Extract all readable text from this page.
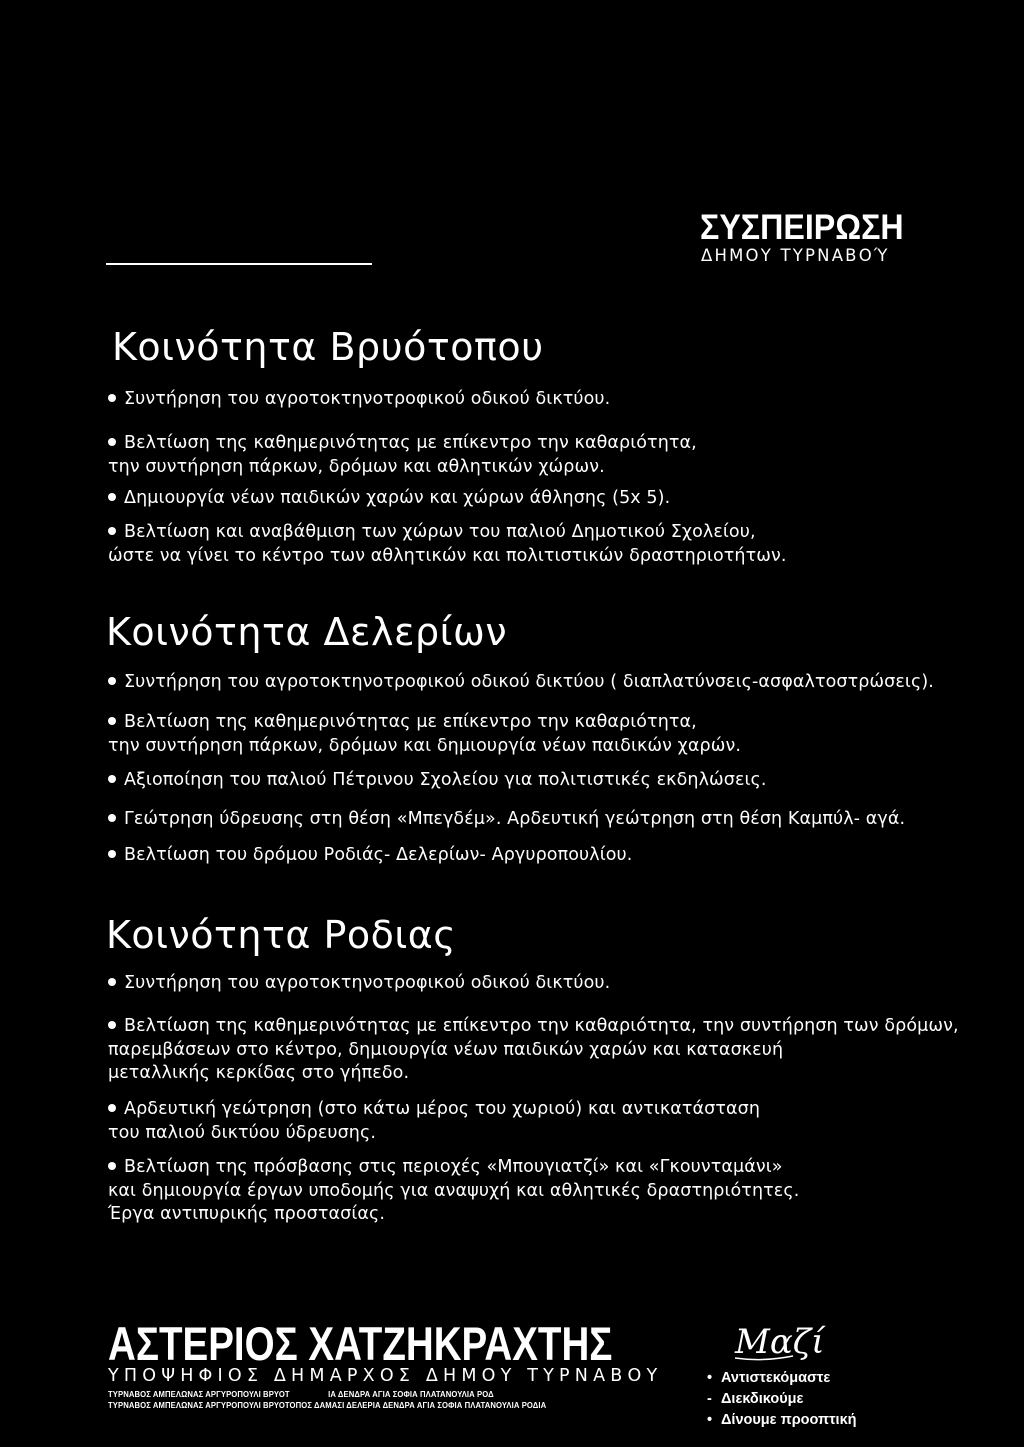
ΣΥΣΠΕΙΡΩΣΗ
ΔΗΜΟΥ ΤΥΡΝΑΒΟΎ
Κοινότητα Βρυότοπου
Συντήρηση του αγροτοκτηνοτροφικού οδικού δικτύου.
Βελτίωση της καθημερινότητας με επίκεντρο την καθαριότητα,
την συντήρηση πάρκων, δρόμων και αθλητικών χώρων.
Δημιουργία νέων παιδικών χαρών και χώρων άθλησης (5x 5).
Βελτίωση και αναβάθμιση των χώρων του παλιού Δημοτικού Σχολείου,
ώστε να γίνει το κέντρο των αθλητικών και πολιτιστικών δραστηριοτήτων.
Κοινότητα Δελερίων
Συντήρηση του αγροτοκτηνοτροφικού οδικού δικτύου ( διαπλατύνσεις-ασφαλτοστρώσεις).
Βελτίωση της καθημερινότητας με επίκεντρο την καθαριότητα,
την συντήρηση πάρκων, δρόμων και δημιουργία νέων παιδικών χαρών.
Αξιοποίηση του παλιού Πέτρινου Σχολείου για πολιτιστικές εκδηλώσεις.
Γεώτρηση ύδρευσης στη θέση «Μπεγδέμ». Αρδευτική γεώτρηση στη θέση Καμπύλ- αγά.
Βελτίωση του δρόμου Ροδιάς- Δελερίων- Αργυροπουλίου.
Κοινότητα Ροδιας
Συντήρηση του αγροτοκτηνοτροφικού οδικού δικτύου.
Βελτίωση της καθημερινότητας με επίκεντρο την καθαριότητα, την συντήρηση των δρόμων,
παρεμβάσεων στο κέντρο, δημιουργία νέων παιδικών χαρών και κατασκευή
μεταλλικής κερκίδας στο γήπεδο.
Αρδευτική γεώτρηση (στο κάτω μέρος του χωριού) και αντικατάσταση
του παλιού δικτύου ύδρευσης.
Βελτίωση της πρόσβασης στις περιοχές «Μπουγιατζί» και «Γκουνταμάνι»
και δημιουργία έργων υποδομής για αναψυχή και αθλητικές δραστηριότητες.
Έργα αντιπυρικής προστασίας.
ΑΣΤΕΡΙΟΣ ΧΑΤΖΗΚΡΑΧΤΗΣ
ΥΠΟΨΗΦΙΟΣ ΔΗΜΑΡΧΟΣ ΔΗΜΟΥ ΤΥΡΝΑΒΟΥ
ΤΥΡΝΑΒΟΣ ΑΜΠΕΛΩΝΑΣ ΑΡΓΥΡΟΠΟΥΛΙ ΒΡΥΟΤ	ΙΑ ΔΕΝΔΡΑ ΑΓΙΑ ΣΟΦΙΑ ΠΛΑΤΑΝΟΥΛΙΑ ΡΟΔ
ΤΥΡΝΑΒΟΣ ΑΜΠΕΛΩΝΑΣ ΑΡΓΥΡΟΠΟΥΛΙ ΒΡΥΟΤΟΠΟΣ ΔΑΜΑΣΙ ΔΕΛΕΡΙΑ ΔΕΝΔΡΑ ΑΓΙΑ ΣΟΦΙΑ ΠΛΑΤΑΝΟΥΛΙΑ ΡΟΔΙΑ
Μαζί
• Αντιστεκόμαστε
- Διεκδικούμε
• Δίνουμε προοπτική
